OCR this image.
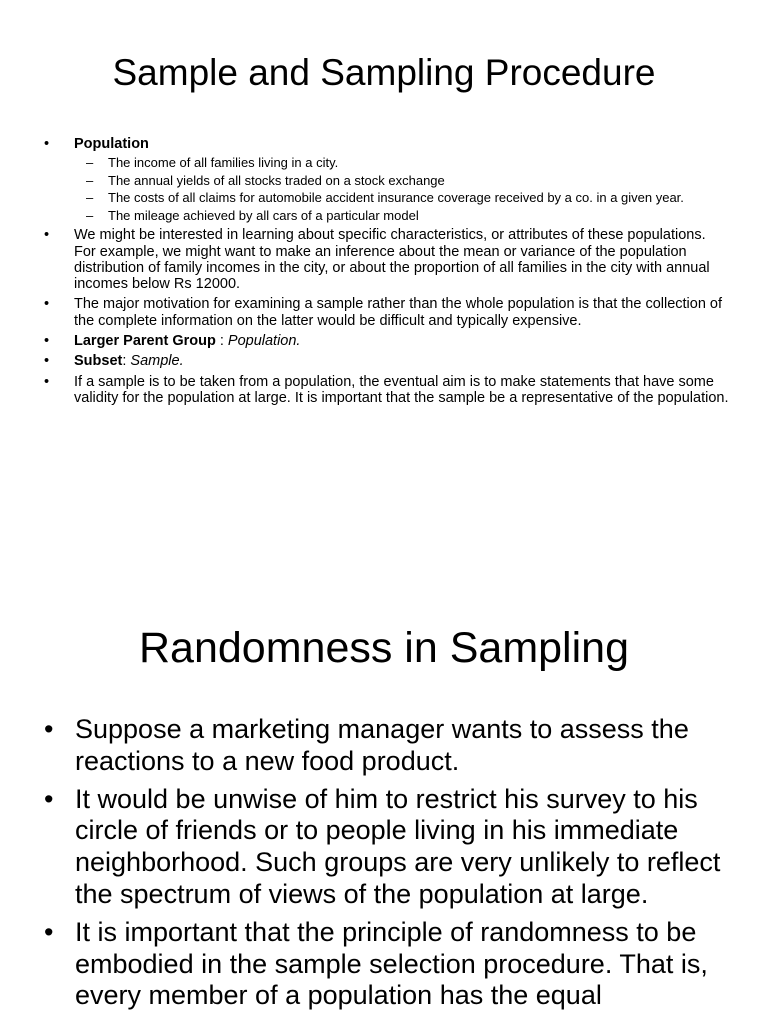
Sample and Sampling Procedure
• Population
– The income of all families living in a city.
– The annual yields of all stocks traded on a stock exchange
– The costs of all claims for automobile accident insurance coverage received by a co. in a given year.
– The mileage achieved by all cars of a particular model
• We might be interested in learning about specific characteristics, or attributes of these populations. For example, we might want to make an inference about the mean or variance of the population distribution of family incomes in the city, or about the proportion of all families in the city with annual incomes below Rs 12000.
• The major motivation for examining a sample rather than the whole population is that the collection of the complete information on the latter would be difficult and typically expensive.
• Larger Parent Group : Population.
• Subset: Sample.
• If a sample is to be taken from a population, the eventual aim is to make statements that have some validity for the population at large. It is important that the sample be a representative of the population.
Randomness in Sampling
• Suppose a marketing manager wants to assess the reactions to a new food product.
• It would be unwise of him to restrict his survey to his circle of friends or to people living in his immediate neighborhood. Such groups are very unlikely to reflect the spectrum of views of the population at large.
• It is important that the principle of randomness to be embodied in the sample selection procedure. That is, every member of a population has the equal
